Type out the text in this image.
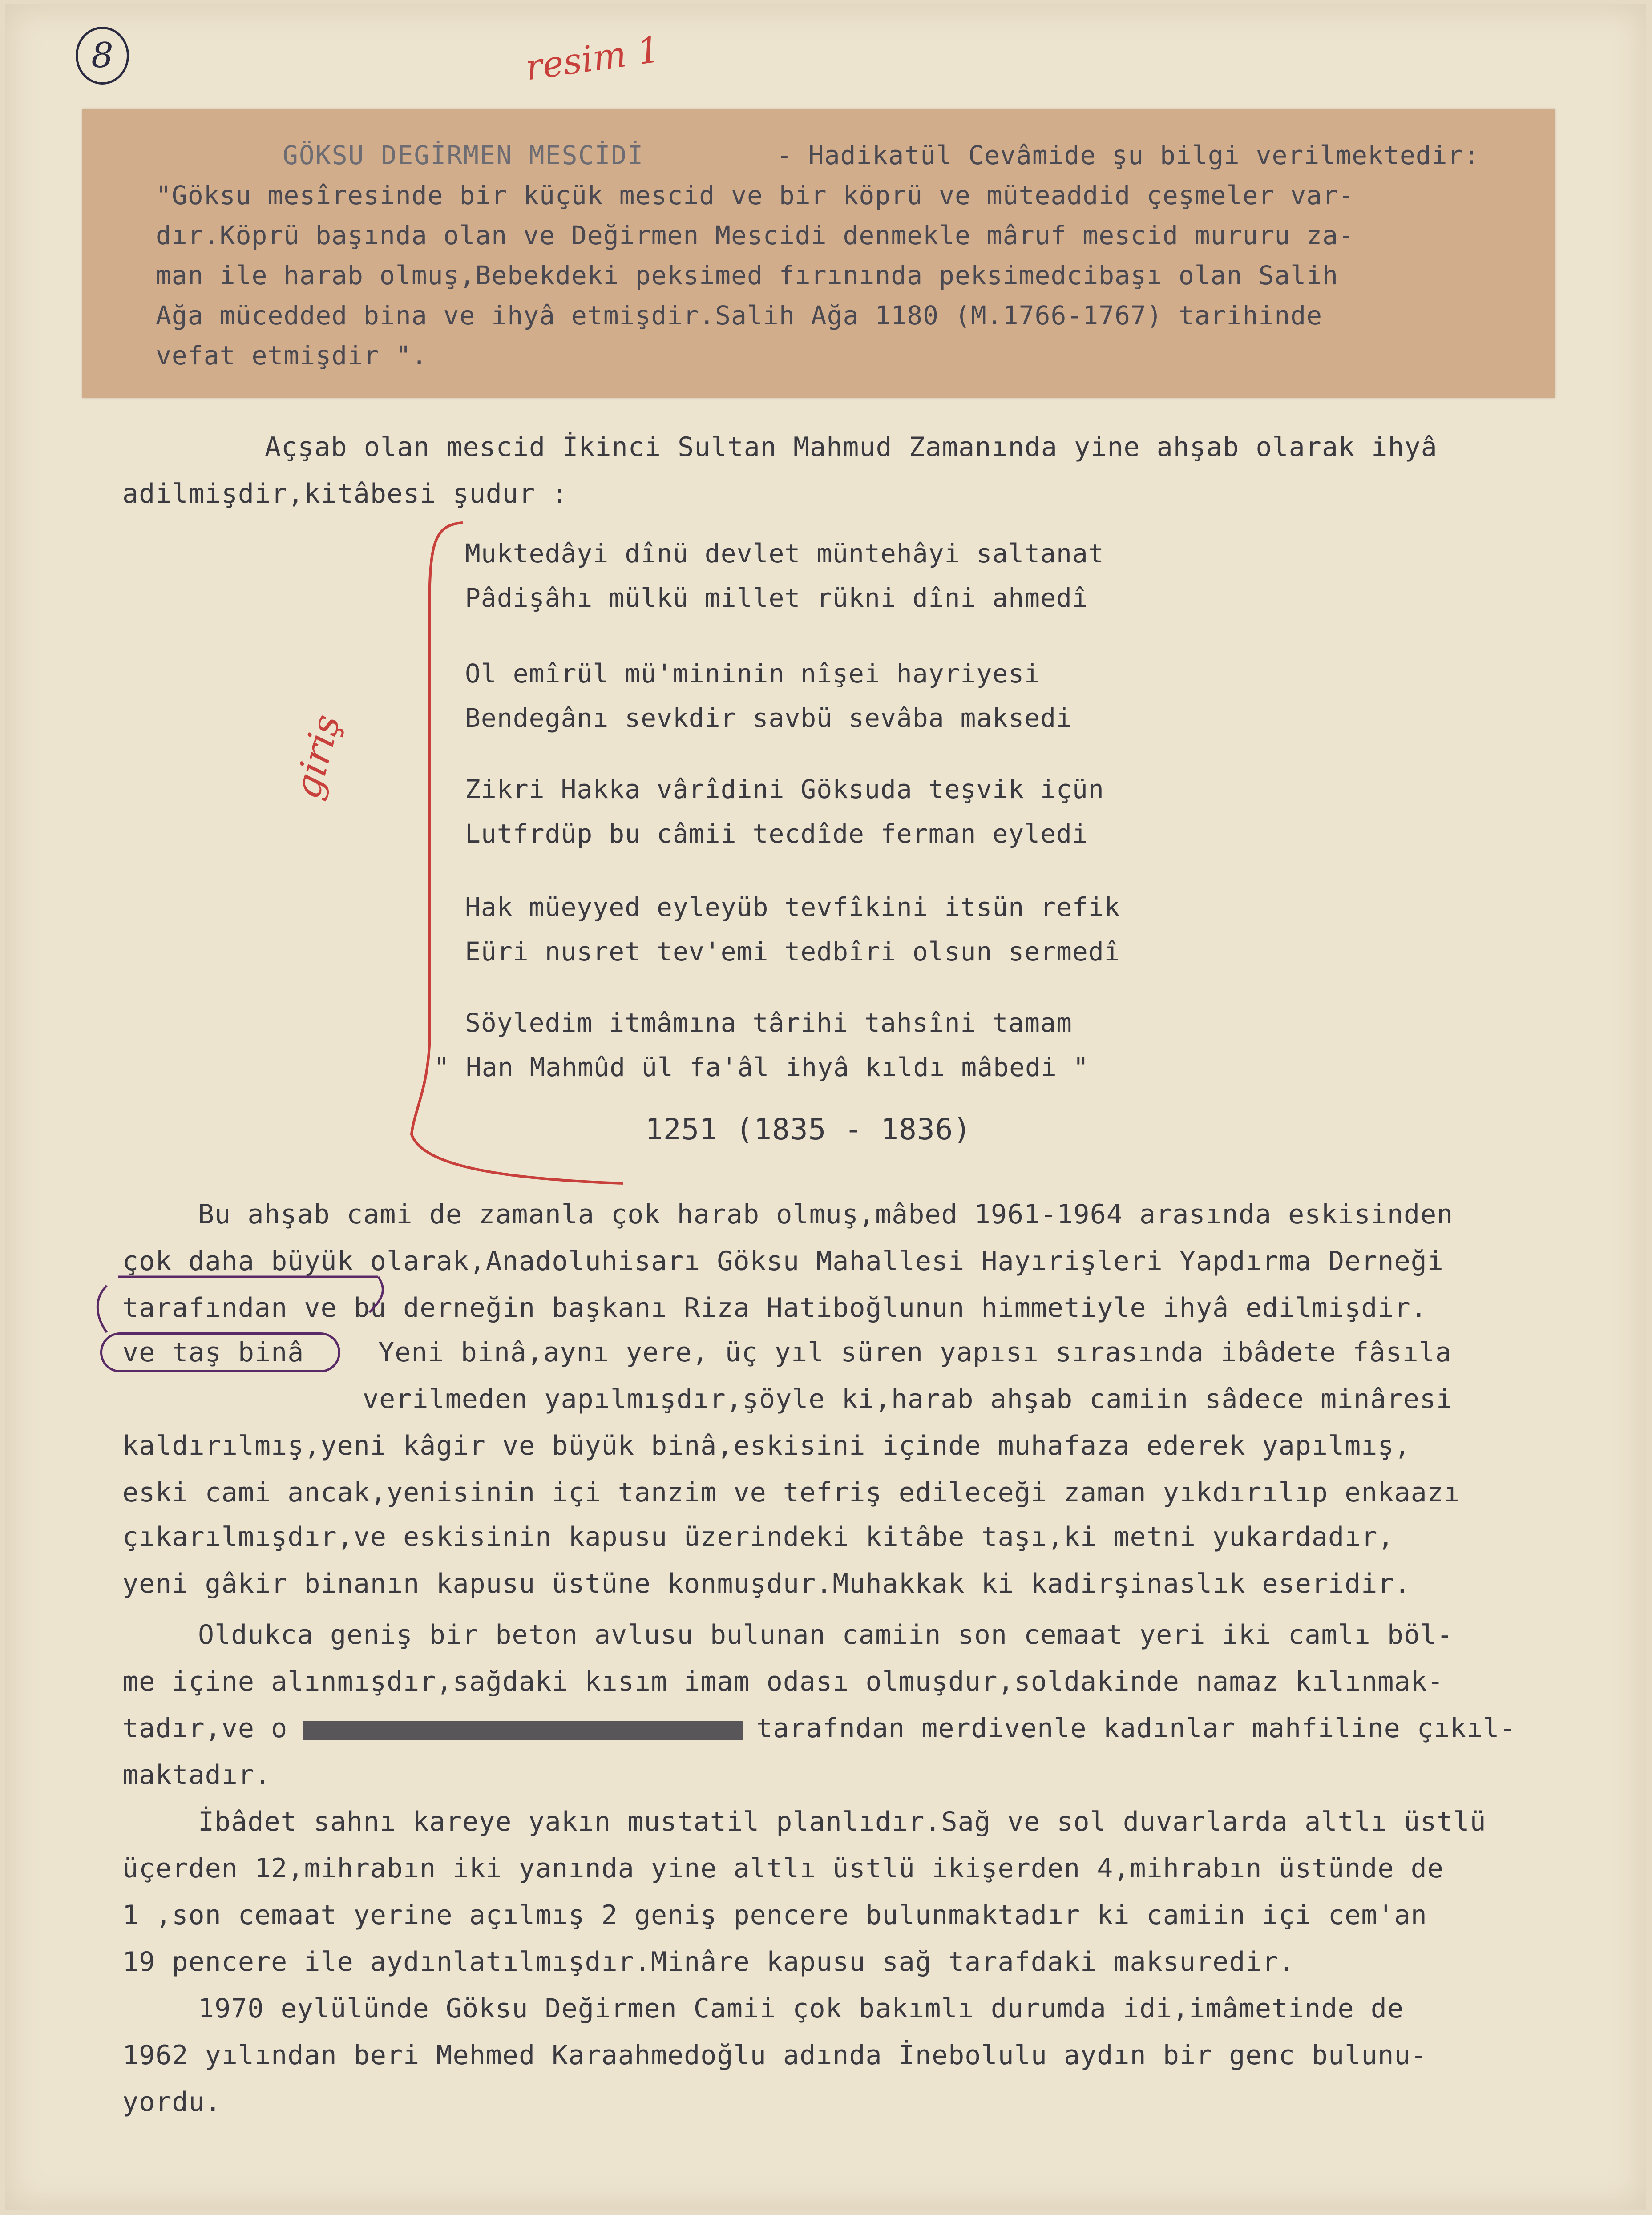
8	resim 1
GÖKSU DEGİRMEN MESCİDİ	- Hadikatül Cevâmide şu bilgi verilmektedir:
"Göksu mesîresinde bir küçük mescid ve bir köprü ve müteaddid çeşmeler var-
dır.Köprü başında olan ve Değirmen Mescidi denmekle mâruf mescid mururu za-
man ile harab olmuş,Bebekdeki peksimed fırınında peksimedcibaşı olan Salih
Ağa mücedded bina ve ihyâ etmişdir.Salih Ağa 1180 (M.1766-1767) tarihinde
vefat etmişdir ".
Açşab olan mescid İkinci Sultan Mahmud Zamanında yine ahşab olarak ihyâ
adilmişdir,kitâbesi şudur :
giriş
Muktedâyi dînü devlet müntehâyi saltanat
Pâdişâhı mülkü millet rükni dîni ahmedî
Ol emîrül mü'mininin nîşei hayriyesi
Bendegânı sevkdir savbü sevâba maksedi
Zikri Hakka vârîdini Göksuda teşvik içün
Lutfrdüp bu câmii tecdîde ferman eyledi
Hak müeyyed eyleyüb tevfîkini itsün refik
Eüri nusret tev'emi tedbîri olsun sermedî
Söyledim itmâmına târihi tahsîni tamam
" Han Mahmûd ül fa'âl ihyâ kıldı mâbedi "
1251 (1835 - 1836)
Bu ahşab cami de zamanla çok harab olmuş,mâbed 1961-1964 arasında eskisinden
çok daha büyük olarak,Anadoluhisarı Göksu Mahallesi Hayırişleri Yapdırma Derneği
tarafından ve bu derneğin başkanı Riza Hatiboğlunun himmetiyle ihyâ edilmişdir.
ve taş binâ	Yeni binâ,aynı yere, üç yıl süren yapısı sırasında ibâdete fâsıla
verilmeden yapılmışdır,şöyle ki,harab ahşab camiin sâdece minâresi
kaldırılmış,yeni kâgir ve büyük binâ,eskisini içinde muhafaza ederek yapılmış,
eski cami ancak,yenisinin içi tanzim ve tefriş edileceği zaman yıkdırılıp enkaazı
çıkarılmışdır,ve eskisinin kapusu üzerindeki kitâbe taşı,ki metni yukardadır,
yeni gâkir binanın kapusu üstüne konmuşdur.Muhakkak ki kadirşinaslık eseridir.
Oldukca geniş bir beton avlusu bulunan camiin son cemaat yeri iki camlı böl-
me içine alınmışdır,sağdaki kısım imam odası olmuşdur,soldakinde namaz kılınmak-
tadır,ve o	tarafndan merdivenle kadınlar mahfiline çıkıl-
maktadır.
İbâdet sahnı kareye yakın mustatil planlıdır.Sağ ve sol duvarlarda altlı üstlü
üçerden 12,mihrabın iki yanında yine altlı üstlü ikişerden 4,mihrabın üstünde de
1 ,son cemaat yerine açılmış 2 geniş pencere bulunmaktadır ki camiin içi cem'an
19 pencere ile aydınlatılmışdır.Minâre kapusu sağ tarafdaki maksuredir.
1970 eylülünde Göksu Değirmen Camii çok bakımlı durumda idi,imâmetinde de
1962 yılından beri Mehmed Karaahmedoğlu adında İnebolulu aydın bir genc bulunu-
yordu.
